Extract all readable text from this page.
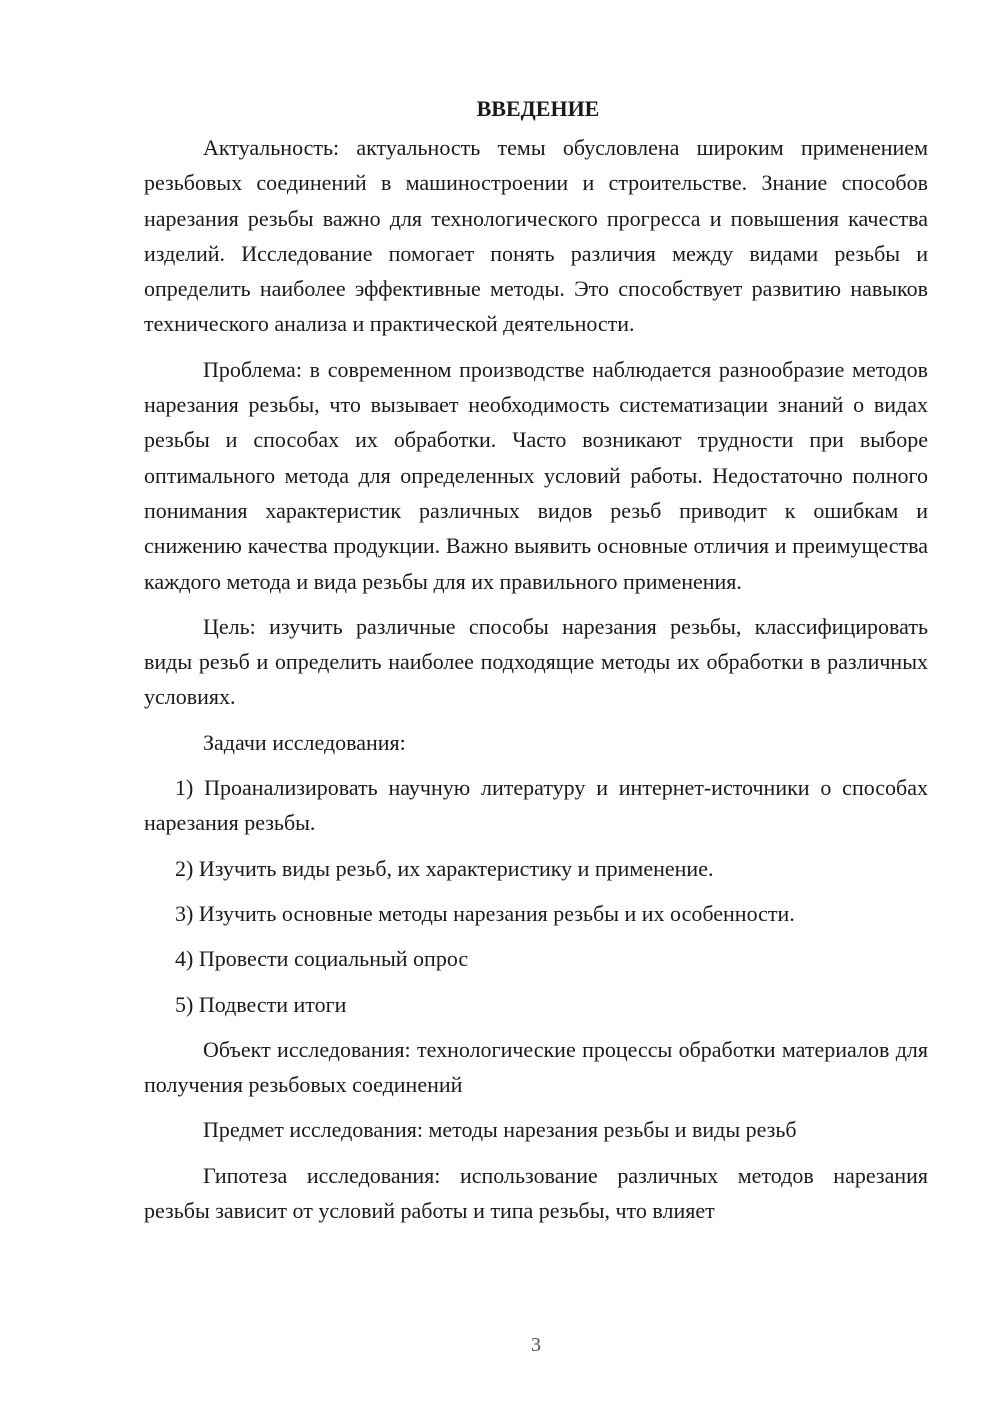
ВВЕДЕНИЕ

Актуальность: актуальность темы обусловлена широким применением резьбовых соединений в машиностроении и строительстве. Знание способов нарезания резьбы важно для технологического прогресса и повышения качества изделий. Исследование помогает понять различия между видами резьбы и определить наиболее эффективные методы. Это способствует развитию навыков технического анализа и практической деятельности.

Проблема: в современном производстве наблюдается разнообразие методов нарезания резьбы, что вызывает необходимость систематизации знаний о видах резьбы и способах их обработки. Часто возникают трудности при выборе оптимального метода для определенных условий работы. Недостаточно полного понимания характеристик различных видов резьб приводит к ошибкам и снижению качества продукции. Важно выявить основные отличия и преимущества каждого метода и вида резьбы для их правильного применения.

Цель: изучить различные способы нарезания резьбы, классифицировать виды резьб и определить наиболее подходящие методы их обработки в различных условиях.

Задачи исследования:

1) Проанализировать научную литературу и интернет-источники о способах нарезания резьбы.

2) Изучить виды резьб, их характеристику и применение.

3) Изучить основные методы нарезания резьбы и их особенности.

4) Провести социальный опрос

5) Подвести итоги

Объект исследования: технологические процессы обработки материалов для получения резьбовых соединений

Предмет исследования: методы нарезания резьбы и виды резьб

Гипотеза исследования: использование различных методов нарезания резьбы зависит от условий работы и типа резьбы, что влияет

3
